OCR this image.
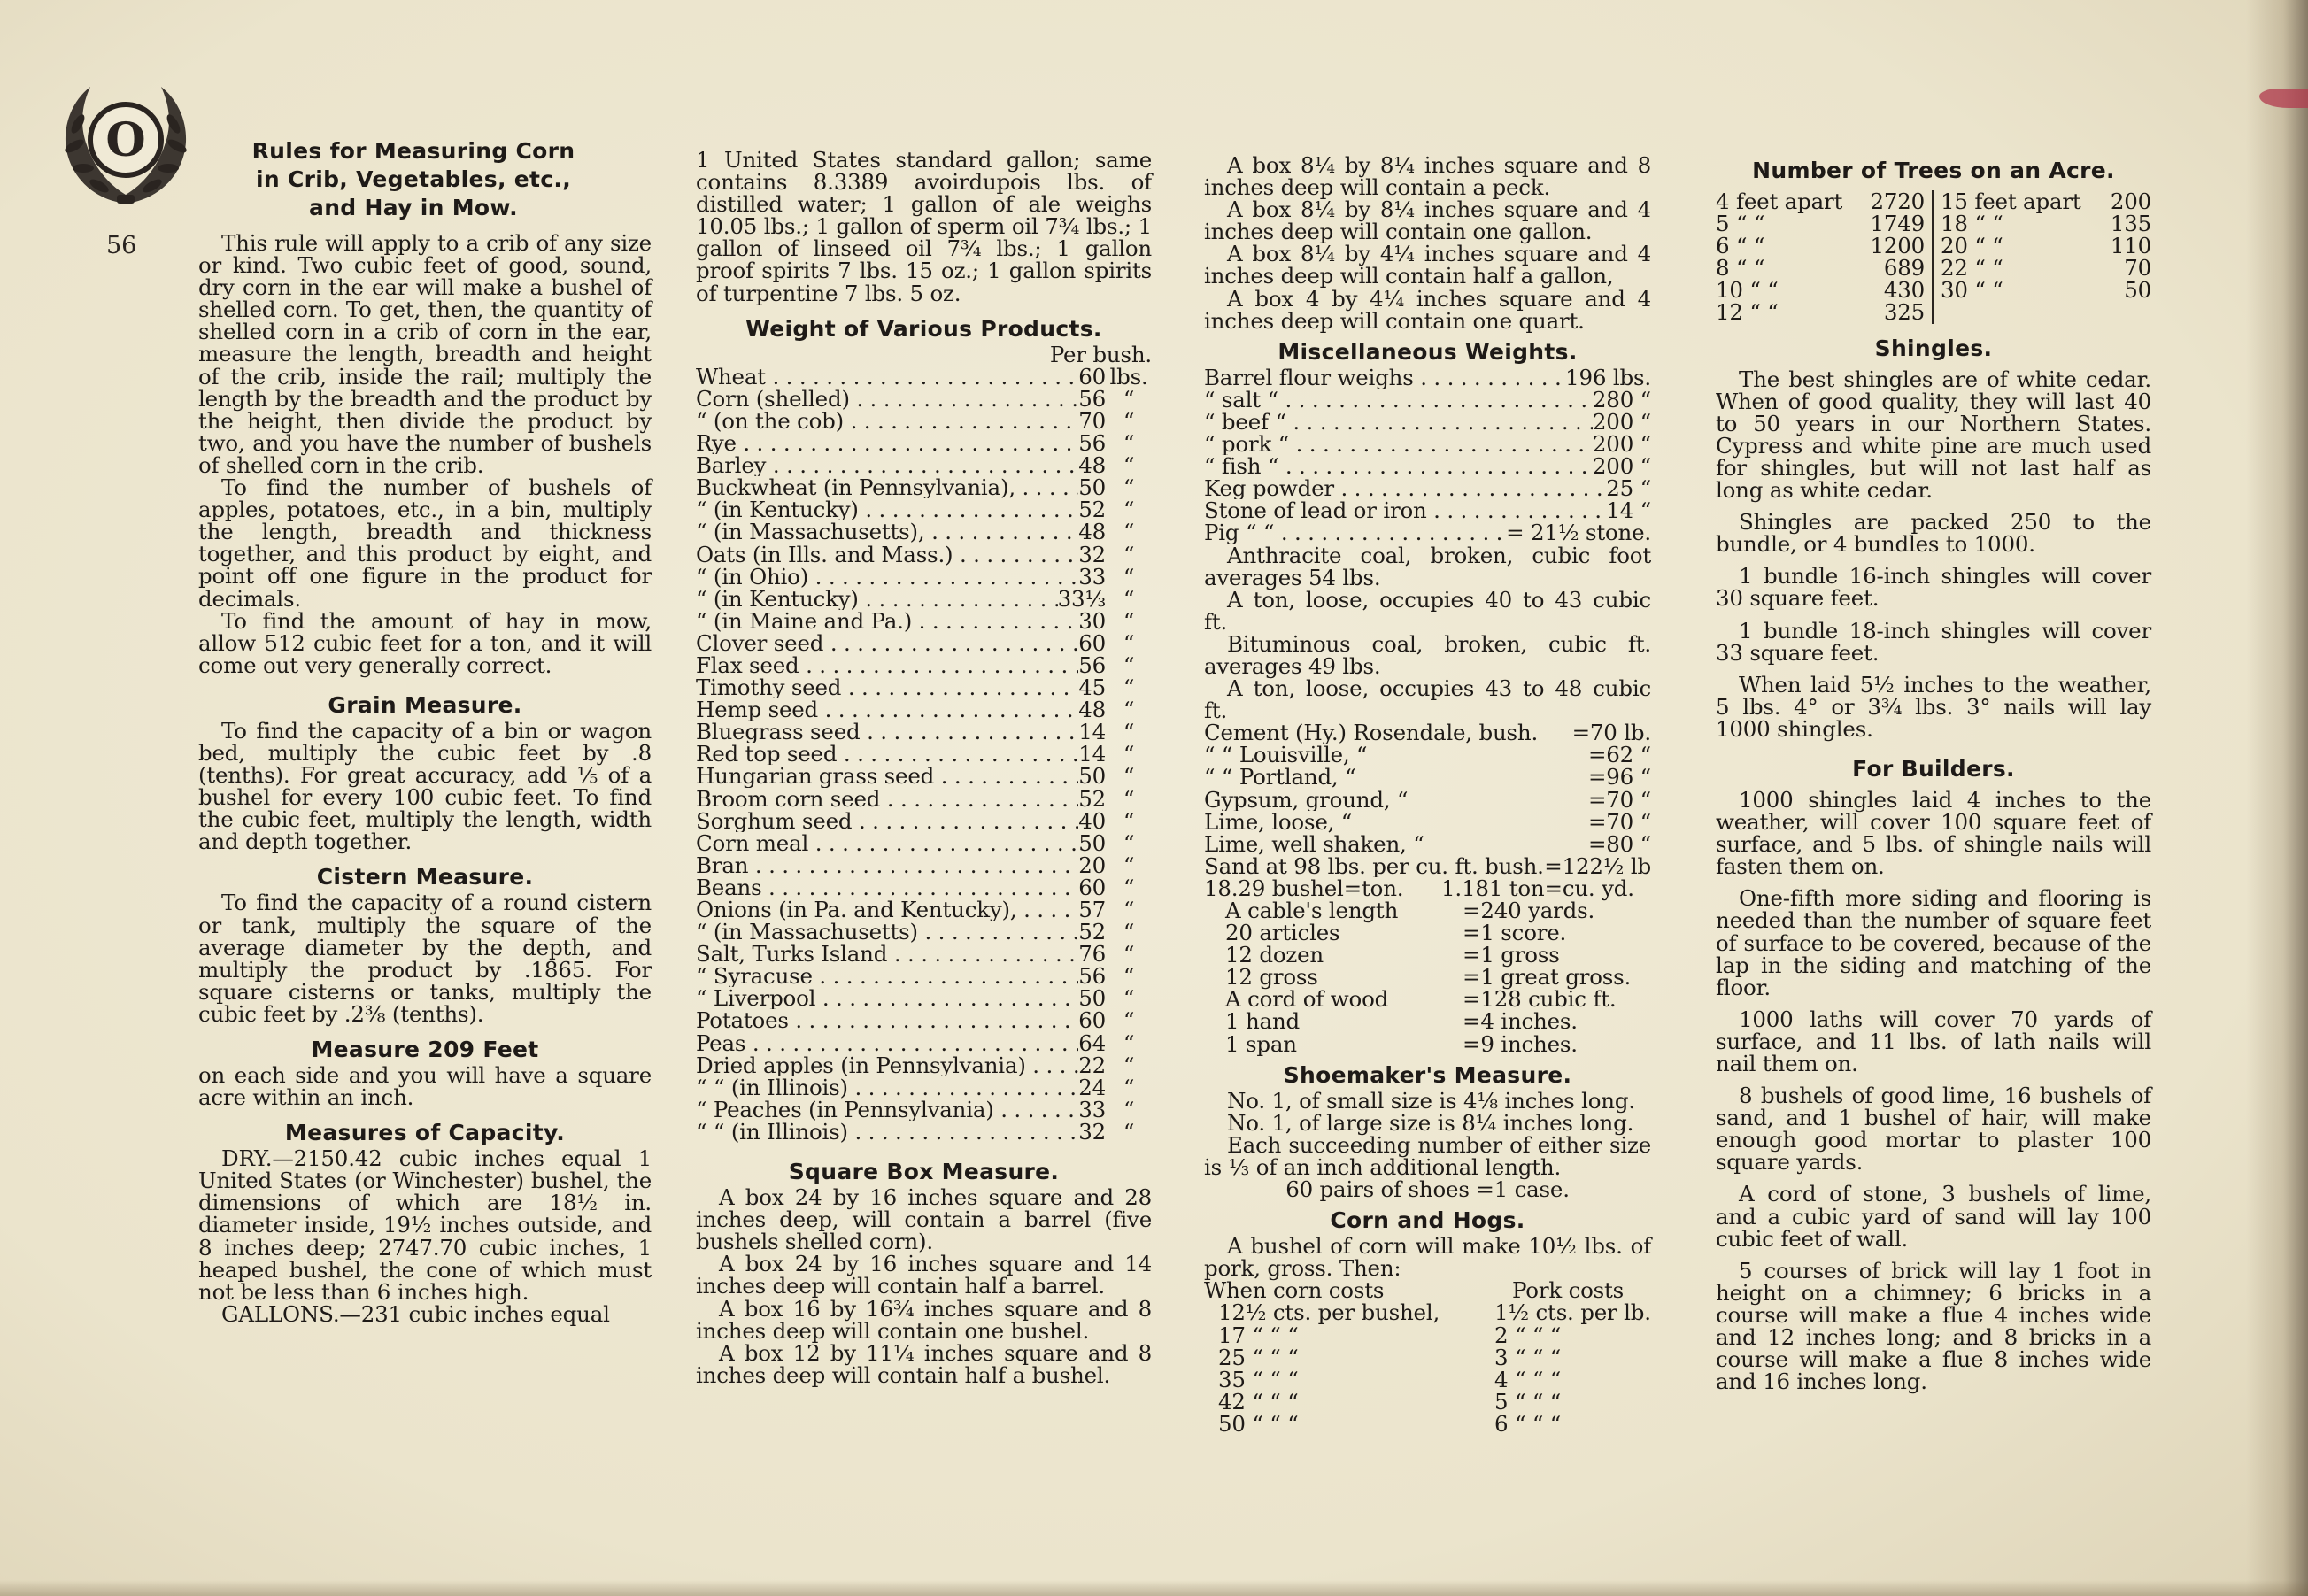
O
56
Rules for Measuring Corn in Crib, Vegetables, etc., and Hay in Mow.

This rule will apply to a crib of any size or kind. Two cubic feet of good, sound, dry corn in the ear will make a bushel of shelled corn. To get, then, the quantity of shelled corn in a crib of corn in the ear, measure the length, breadth and height of the crib, inside the rail; multiply the length by the breadth and the product by the height, then divide the product by two, and you have the number of bushels of shelled corn in the crib.

To find the number of bushels of apples, potatoes, etc., in a bin, multiply the length, breadth and thickness together, and this product by eight, and point off one figure in the product for decimals.

To find the amount of hay in mow, allow 512 cubic feet for a ton, and it will come out very generally correct.

Grain Measure.

To find the capacity of a bin or wagon bed, multiply the cubic feet by .8 (tenths). For great accuracy, add ⅕ of a bushel for every 100 cubic feet. To find the cubic feet, multiply the length, width and depth together.

Cistern Measure.

To find the capacity of a round cistern or tank, multiply the square of the average diameter by the depth, and multiply the product by .1865. For square cisterns or tanks, multiply the cubic feet by .2⅜ (tenths).

Measure 209 Feet

on each side and you will have a square acre within an inch.

Measures of Capacity.

DRY.—2150.42 cubic inches equal 1 United States (or Winchester) bushel, the dimensions of which are 18½ in. diameter inside, 19½ inches outside, and 8 inches deep; 2747.70 cubic inches, 1 heaped bushel, the cone of which must not be less than 6 inches high.

GALLONS.—231 cubic inches equal

1 United States standard gallon; same contains 8.3389 avoirdupois lbs. of distilled water; 1 gallon of ale weighs 10.05 lbs.; 1 gallon of sperm oil 7¾ lbs.; 1 gallon of linseed oil 7¾ lbs.; 1 gallon proof spirits 7 lbs. 15 oz.; 1 gallon spirits of turpentine 7 lbs. 5 oz.

Weight of Various Products.
Per bush.
Wheat . . .	60 lbs.
Corn (shelled) . . .	56 “
“ (on the cob) . . .	70 “
Rye . . .	56 “
Barley . . .	48 “
Buckwheat (in Pennsylvania), . . .	50 “
“ (in Kentucky) . . .	52 “
“ (in Massachusetts), . . .	48 “
Oats (in Ills. and Mass.) . . .	32 “
“ (in Ohio) . . .	33 “
“ (in Kentucky) . . .	33⅓ “
“ (in Maine and Pa.) . . .	30 “
Clover seed . . .	60 “
Flax seed . . .	56 “
Timothy seed . . .	45 “
Hemp seed . . .	48 “
Bluegrass seed . . .	14 “
Red top seed . . .	14 “
Hungarian grass seed . . .	50 “
Broom corn seed . . .	52 “
Sorghum seed . . .	40 “
Corn meal . . .	50 “
Bran . . .	20 “
Beans . . .	60 “
Onions (in Pa. and Kentucky), . . .	57 “
“ (in Massachusetts) . . .	52 “
Salt, Turks Island . . .	76 “
“ Syracuse . . .	56 “
“ Liverpool . . .	50 “
Potatoes . . .	60 “
Peas . . .	64 “
Dried apples (in Pennsylvania) . . .	22 “
“ “ (in Illinois) . . .	24 “
“ Peaches (in Pennsylvania) . . .	33 “
“ “ (in Illinois) . . .	32 “
Square Box Measure.

A box 24 by 16 inches square and 28 inches deep, will contain a barrel (five bushels shelled corn).

A box 24 by 16 inches square and 14 inches deep will contain half a barrel.

A box 16 by 16¾ inches square and 8 inches deep will contain one bushel.

A box 12 by 11¼ inches square and 8 inches deep will contain half a bushel.

A box 8¼ by 8¼ inches square and 8 inches deep will contain a peck.

A box 8¼ by 8¼ inches square and 4 inches deep will contain one gallon.

A box 8¼ by 4¼ inches square and 4 inches deep will contain half a gallon,

A box 4 by 4¼ inches square and 4 inches deep will contain one quart.

Miscellaneous Weights.
Barrel flour weighs . . .	196 lbs.
“ salt “ . . .	280 “
“ beef “ . . .	200 “
“ pork “ . . .	200 “
“ fish “ . . .	200 “
Keg powder . . .	25 “
Stone of lead or iron . . .	14 “
Pig “ “ . . .	= 21½ stone.

Anthracite coal, broken, cubic foot averages 54 lbs.

A ton, loose, occupies 40 to 43 cubic ft.

Bituminous coal, broken, cubic ft. averages 49 lbs.

A ton, loose, occupies 43 to 48 cubic ft.

Cement (Hy.) Rosendale, bush.	=70 lb.
“ “ Louisville, “	=62 “
“ “ Portland, “	=96 “
Gypsum, ground, “	=70 “
Lime, loose, “	=70 “
Lime, well shaken, “	=80 “
Sand at 98 lbs. per cu. ft. bush. =122½ lb
18.29 bushel=ton.	1.181 ton=cu. yd.
A cable's length	=240 yards.
20 articles	=1 score.
12 dozen	=1 gross
12 gross	=1 great gross.
A cord of wood	=128 cubic ft.
1 hand	=4 inches.
1 span	=9 inches.
Shoemaker's Measure.

No. 1, of small size is 4⅛ inches long.

No. 1, of large size is 8¼ inches long.

Each succeeding number of either size is ⅓ of an inch additional length.

60 pairs of shoes =1 case.

Corn and Hogs.

A bushel of corn will make 10½ lbs. of pork, gross. Then:

When corn costs	Pork costs
12½ cts. per bushel,	1½ cts. per lb.
17 “ “ “	2 “ “ “
25 “ “ “	3 “ “ “
35 “ “ “	4 “ “ “
42 “ “ “	5 “ “ “
50 “ “ “	6 “ “ “
Number of Trees on an Acre.
4 feet apart	2720
5 “ “	1749
6 “ “	1200
8 “ “	689
10 “ “	430
12 “ “	325
15 feet apart	200
18 “ “	135
20 “ “	110
22 “ “	70
30 “ “	50
Shingles.

The best shingles are of white cedar. When of good quality, they will last 40 to 50 years in our Northern States. Cypress and white pine are much used for shingles, but will not last half as long as white cedar.

Shingles are packed 250 to the bundle, or 4 bundles to 1000.

1 bundle 16-inch shingles will cover 30 square feet.

1 bundle 18-inch shingles will cover 33 square feet.

When laid 5½ inches to the weather, 5 lbs. 4° or 3¾ lbs. 3° nails will lay 1000 shingles.

For Builders.

1000 shingles laid 4 inches to the weather, will cover 100 square feet of surface, and 5 lbs. of shingle nails will fasten them on.

One-fifth more siding and flooring is needed than the number of square feet of surface to be covered, because of the lap in the siding and matching of the floor.

1000 laths will cover 70 yards of surface, and 11 lbs. of lath nails will nail them on.

8 bushels of good lime, 16 bushels of sand, and 1 bushel of hair, will make enough good mortar to plaster 100 square yards.

A cord of stone, 3 bushels of lime, and a cubic yard of sand will lay 100 cubic feet of wall.

5 courses of brick will lay 1 foot in height on a chimney; 6 bricks in a course will make a flue 4 inches wide and 12 inches long; and 8 bricks in a course will make a flue 8 inches wide and 16 inches long.
